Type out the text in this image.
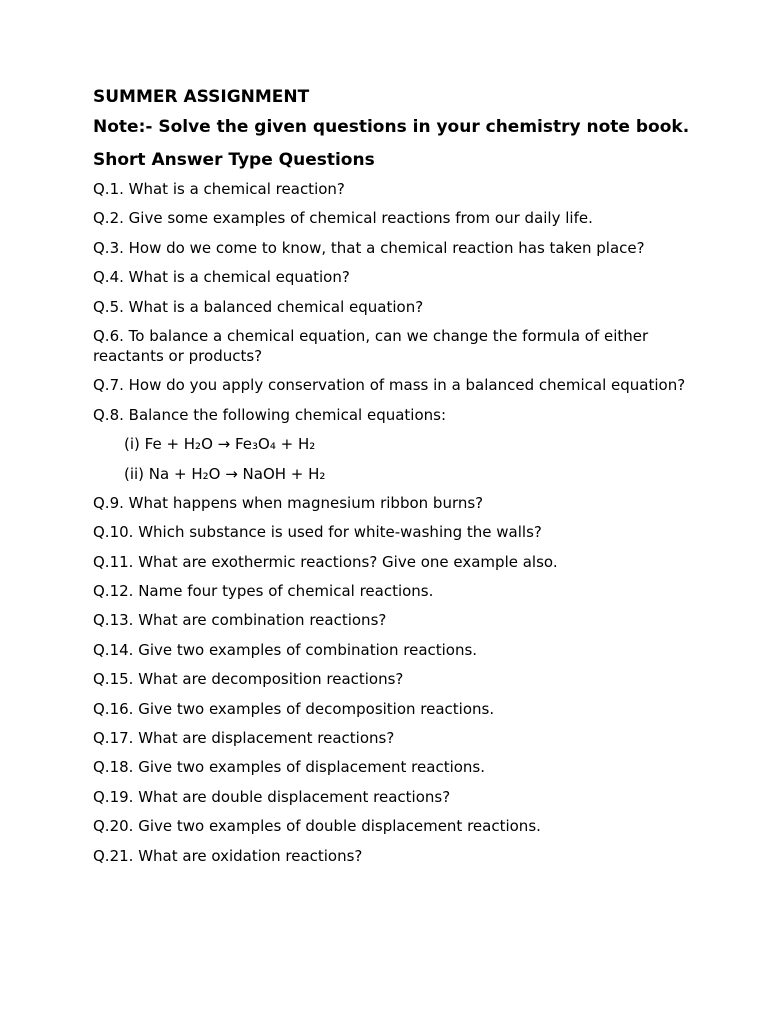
SUMMER ASSIGNMENT
Note:- Solve the given questions in your chemistry note book.
Short Answer Type Questions
Q.1. What is a chemical reaction?
Q.2. Give some examples of chemical reactions from our daily life.
Q.3. How do we come to know, that a chemical reaction has taken place?
Q.4. What is a chemical equation?
Q.5. What is a balanced chemical equation?
Q.6. To balance a chemical equation, can we change the formula of either reactants or products?
Q.7. How do you apply conservation of mass in a balanced chemical equation?
Q.8. Balance the following chemical equations:
(i) Fe + H₂O → Fe₃O₄ + H₂
(ii) Na + H₂O → NaOH + H₂
Q.9. What happens when magnesium ribbon burns?
Q.10. Which substance is used for white-washing the walls?
Q.11. What are exothermic reactions? Give one example also.
Q.12. Name four types of chemical reactions.
Q.13. What are combination reactions?
Q.14. Give two examples of combination reactions.
Q.15. What are decomposition reactions?
Q.16. Give two examples of decomposition reactions.
Q.17. What are displacement reactions?
Q.18. Give two examples of displacement reactions.
Q.19. What are double displacement reactions?
Q.20. Give two examples of double displacement reactions.
Q.21. What are oxidation reactions?
